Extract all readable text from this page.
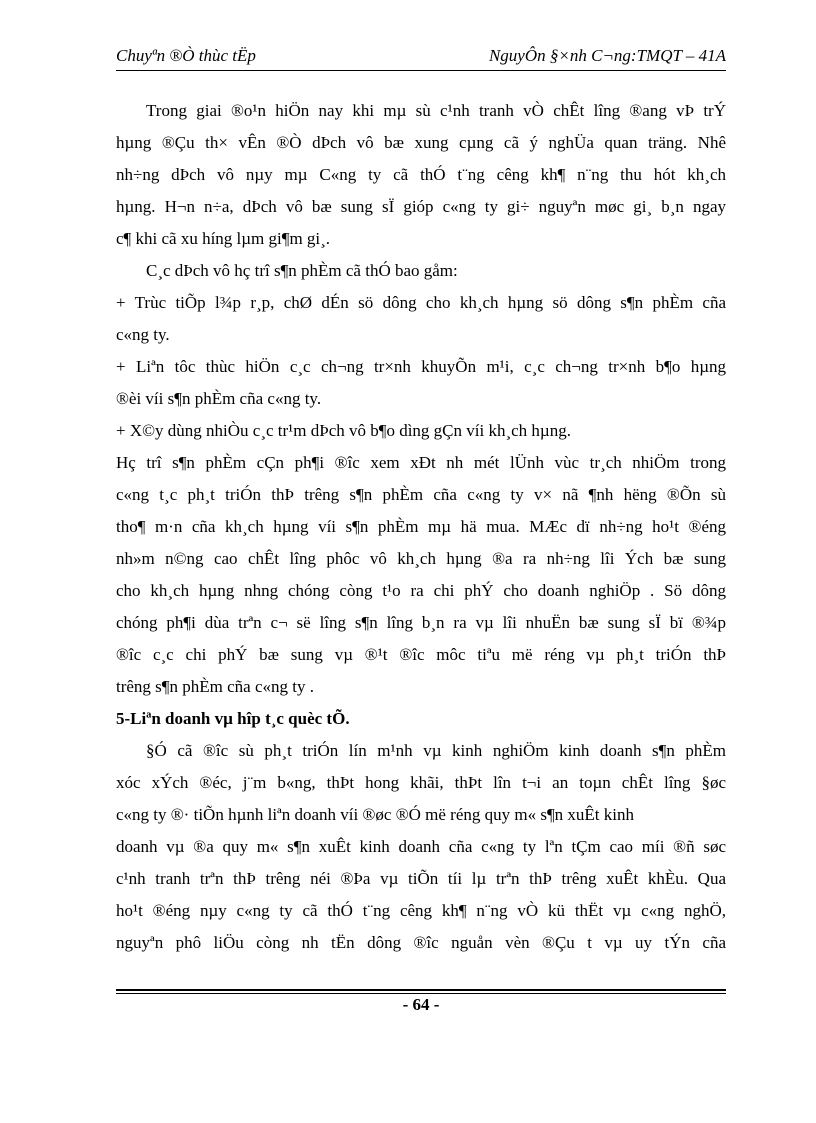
Chuyªn ®Ò thùc tËp	NguyÔn §×nh C¬ng:TMQT – 41A
Trong giai ®o¹n hiÖn nay khi mµ sù c¹nh tranh vÒ chÊt lîng ®ang vÞ trÝ
hµng ®Çu th× vÊn ®Ò dÞch vô bæ xung cµng cã ý nghÜa quan träng. Nhê
nh÷ng dÞch vô nµy mµ C«ng ty cã thÓ t¨ng cêng kh¶ n¨ng thu hót kh¸ch
hµng. H¬n n÷a, dÞch vô bæ sung sÏ gióp c«ng ty gi÷ nguyªn møc gi¸ b¸n ngay
c¶ khi cã xu híng lµm gi¶m gi¸.
C¸c dÞch vô hç trî s¶n phÈm cã thÓ bao gåm:
+ Trùc tiÕp l¾p r¸p, chØ dÉn sö dông cho kh¸ch hµng sö dông s¶n phÈm cña
c«ng ty.
+ Liªn tôc thùc hiÖn c¸c ch¬ng tr×nh khuyÕn m¹i, c¸c ch¬ng tr×nh b¶o hµng
®èi víi s¶n phÈm cña c«ng ty.
+ X©y dùng nhiÒu c¸c tr¹m dÞch vô b¶o dìng gÇn víi kh¸ch hµng.
Hç trî s¶n phÈm cÇn ph¶i ®îc xem xÐt nh mét lÜnh vùc tr¸ch nhiÖm trong
c«ng t¸c ph¸t triÓn thÞ trêng s¶n phÈm cña c«ng ty v× nã ¶nh hëng ®Õn sù
tho¶ m·n cña kh¸ch hµng víi s¶n phÈm mµ hä mua. MÆc dï nh÷ng ho¹t ®éng
nh»m n©ng cao chÊt lîng phôc vô kh¸ch hµng ®a ra nh÷ng lîi Ých bæ sung
cho kh¸ch hµng nhng chóng còng t¹o ra chi phÝ cho doanh nghiÖp . Sö dông
chóng ph¶i dùa trªn c¬ së lîng s¶n lîng b¸n ra vµ lîi nhuËn bæ sung sÏ bï ®¾p
®îc c¸c chi phÝ bæ sung vµ ®¹t ®îc môc tiªu më réng vµ ph¸t triÓn thÞ
trêng s¶n phÈm cña c«ng ty .
5-Liªn doanh vµ hîp t¸c quèc tÕ.
§Ó cã ®îc sù ph¸t triÓn lín m¹nh vµ kinh nghiÖm kinh doanh s¶n phÈm
xóc xÝch ®éc, j¨m b«ng, thÞt hong khãi, thÞt lîn t¬i an toµn chÊt lîng §øc
c«ng ty ®· tiÕn hµnh liªn doanh víi ®øc ®Ó më réng quy m« s¶n xuÊt kinh
doanh vµ ®a quy m« s¶n xuÊt kinh doanh cña c«ng ty lªn tÇm cao míi ®ñ søc
c¹nh tranh trªn thÞ trêng néi ®Þa vµ tiÕn tíi lµ trªn thÞ trêng xuÊt khÈu. Qua
ho¹t ®éng nµy c«ng ty cã thÓ t¨ng cêng kh¶ n¨ng vÒ kü thËt vµ c«ng nghÖ,
nguyªn phô liÖu còng nh tËn dông ®îc nguån vèn ®Çu t vµ uy tÝn cña
- 64 -
